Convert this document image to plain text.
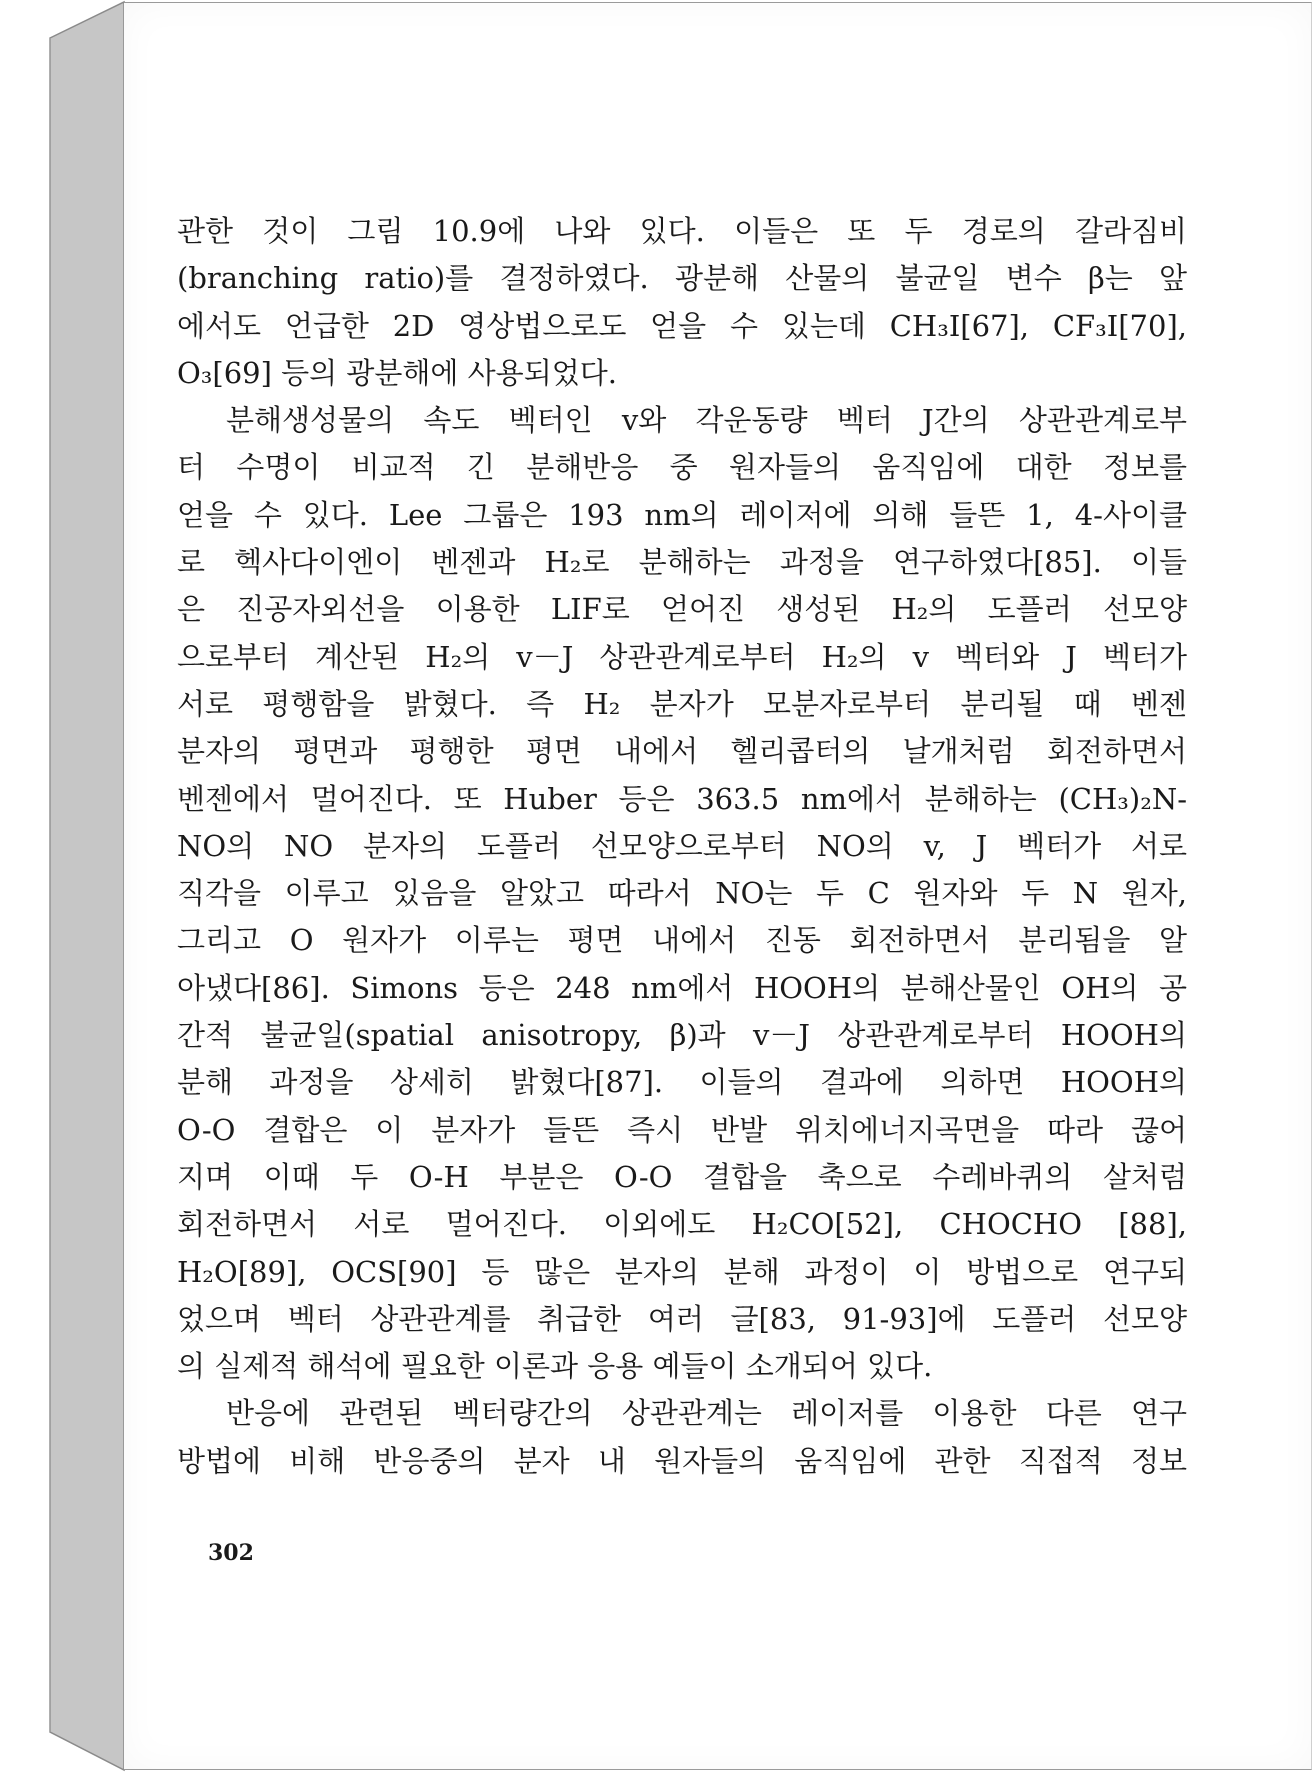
관한 것이 그림 10.9에 나와 있다. 이들은 또 두 경로의 갈라짐비
(branching ratio)를 결정하였다. 광분해 산물의 불균일 변수 β는 앞
에서도 언급한 2D 영상법으로도 얻을 수 있는데 CH₃I[67], CF₃I[70],
O₃[69] 등의 광분해에 사용되었다.
　분해생성물의 속도 벡터인 v와 각운동량 벡터 J간의 상관관계로부
터 수명이 비교적 긴 분해반응 중 원자들의 움직임에 대한 정보를
얻을 수 있다. Lee 그룹은 193 nm의 레이저에 의해 들뜬 1, 4-사이클
로 헥사다이엔이 벤젠과 H₂로 분해하는 과정을 연구하였다[85]. 이들
은 진공자외선을 이용한 LIF로 얻어진 생성된 H₂의 도플러 선모양
으로부터 계산된 H₂의 v－J 상관관계로부터 H₂의 v 벡터와 J 벡터가
서로 평행함을 밝혔다. 즉 H₂ 분자가 모분자로부터 분리될 때 벤젠
분자의 평면과 평행한 평면 내에서 헬리콥터의 날개처럼 회전하면서
벤젠에서 멀어진다. 또 Huber 등은 363.5 nm에서 분해하는 (CH₃)₂N-
NO의 NO 분자의 도플러 선모양으로부터 NO의 v, J 벡터가 서로
직각을 이루고 있음을 알았고 따라서 NO는 두 C 원자와 두 N 원자,
그리고 O 원자가 이루는 평면 내에서 진동 회전하면서 분리됨을 알
아냈다[86]. Simons 등은 248 nm에서 HOOH의 분해산물인 OH의 공
간적 불균일(spatial anisotropy, β)과 v－J 상관관계로부터 HOOH의
분해 과정을 상세히 밝혔다[87]. 이들의 결과에 의하면 HOOH의
O-O 결합은 이 분자가 들뜬 즉시 반발 위치에너지곡면을 따라 끊어
지며 이때 두 O-H 부분은 O-O 결합을 축으로 수레바퀴의 살처럼
회전하면서 서로 멀어진다. 이외에도 H₂CO[52], CHOCHO [88],
H₂O[89], OCS[90] 등 많은 분자의 분해 과정이 이 방법으로 연구되
었으며 벡터 상관관계를 취급한 여러 글[83, 91-93]에 도플러 선모양
의 실제적 해석에 필요한 이론과 응용 예들이 소개되어 있다.
　반응에 관련된 벡터량간의 상관관계는 레이저를 이용한 다른 연구
방법에 비해 반응중의 분자 내 원자들의 움직임에 관한 직접적 정보
302
